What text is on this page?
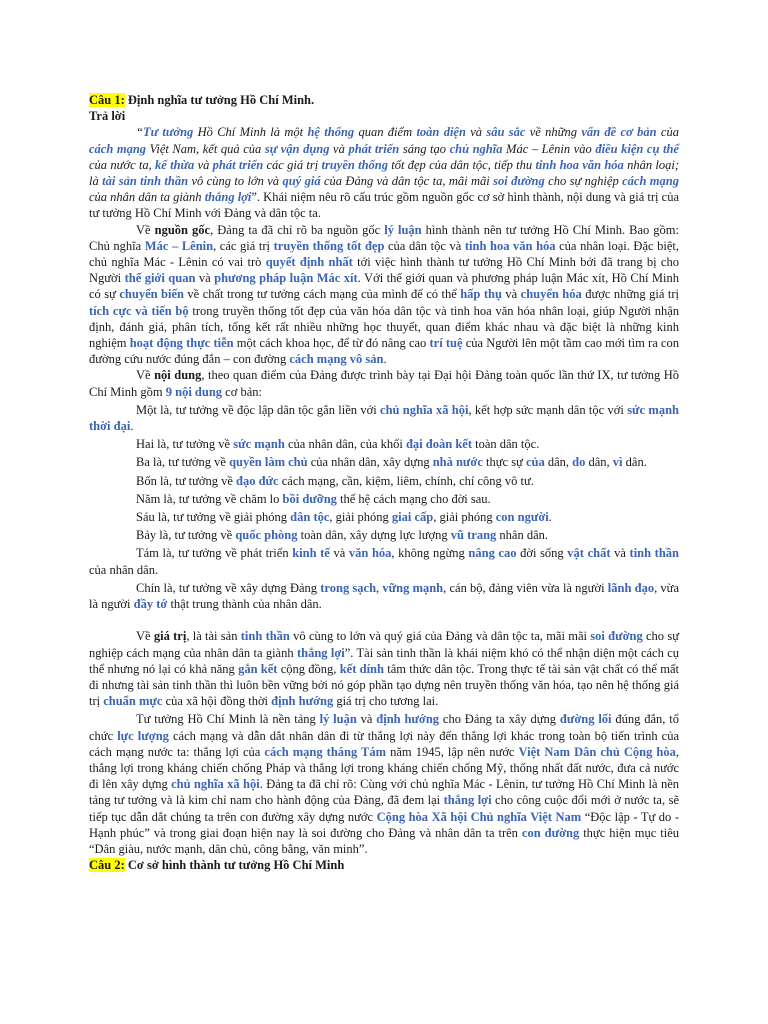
Câu 1: Định nghĩa tư tưởng Hồ Chí Minh.

Trả lời

“Tư tưởng Hồ Chí Minh là một hệ thống quan điểm toàn diện và sâu sắc về những vấn đề cơ bản của cách mạng Việt Nam, kết quả của sự vận dụng và phát triển sáng tạo chủ nghĩa Mác – Lênin vào điều kiện cụ thể của nước ta, kế thừa và phát triển các giá trị truyền thống tốt đẹp của dân tộc, tiếp thu tinh hoa văn hóa nhân loại; là tài sản tinh thần vô cùng to lớn và quý giá của Đảng và dân tộc ta, mãi mãi soi đường cho sự nghiệp cách mạng của nhân dân ta giành thắng lợi”. Khái niệm nêu rõ cấu trúc gồm nguồn gốc cơ sở hình thành, nội dung và giá trị của tư tưởng Hồ Chí Minh với Đảng và dân tộc ta.

Về nguồn gốc, Đảng ta đã chỉ rõ ba nguồn gốc lý luận hình thành nên tư tưởng Hồ Chí Minh. Bao gồm: Chủ nghĩa Mác – Lênin, các giá trị truyền thống tốt đẹp của dân tộc và tinh hoa văn hóa của nhân loại. Đặc biệt, chủ nghĩa Mác - Lênin có vai trò quyết định nhất tới việc hình thành tư tưởng Hồ Chí Minh bởi đã trang bị cho Người thế giới quan và phương pháp luận Mác xít. Với thế giới quan và phương pháp luận Mác xít, Hồ Chí Minh có sự chuyển biến về chất trong tư tưởng cách mạng của mình để có thể hấp thụ và chuyển hóa được những giá trị tích cực và tiến bộ trong truyền thống tốt đẹp của văn hóa dân tộc và tinh hoa văn hóa nhân loại, giúp Người nhận định, đánh giá, phân tích, tổng kết rất nhiều những học thuyết, quan điểm khác nhau và đặc biệt là những kinh nghiệm hoạt động thực tiễn một cách khoa học, để từ đó nâng cao trí tuệ của Người lên một tầm cao mới tìm ra con đường cứu nước đúng đắn – con đường cách mạng vô sản.

Về nội dung, theo quan điểm của Đảng được trình bày tại Đại hội Đảng toàn quốc lần thứ IX, tư tưởng Hồ Chí Minh gồm 9 nội dung cơ bản:

Một là, tư tưởng về độc lập dân tộc gắn liền với chủ nghĩa xã hội, kết hợp sức mạnh dân tộc với sức mạnh thời đại.

Hai là, tư tưởng về sức mạnh của nhân dân, của khối đại đoàn kết toàn dân tộc.

Ba là, tư tưởng về quyền làm chủ của nhân dân, xây dựng nhà nước thực sự của dân, do dân, vì dân.

Bốn là, tư tưởng về đạo đức cách mạng, cần, kiệm, liêm, chính, chí công vô tư.

Năm là, tư tưởng về chăm lo bồi dưỡng thế hệ cách mạng cho đời sau.

Sáu là, tư tưởng về giải phóng dân tộc, giải phóng giai cấp, giải phóng con người.

Bảy là, tư tưởng về quốc phòng toàn dân, xây dựng lực lượng vũ trang nhân dân.

Tám là, tư tưởng về phát triển kinh tế và văn hóa, không ngừng nâng cao đời sống vật chất và tinh thần của nhân dân.

Chín là, tư tưởng về xây dựng Đảng trong sạch, vững mạnh, cán bộ, đảng viên vừa là người lãnh đạo, vừa là người đầy tớ thật trung thành của nhân dân.

Về giá trị, là tài sản tinh thần vô cùng to lớn và quý giá của Đảng và dân tộc ta, mãi mãi soi đường cho sự nghiệp cách mạng của nhân dân ta giành thắng lợi”. Tài sản tinh thần là khái niệm khó có thể nhận diện một cách cụ thể nhưng nó lại có khả năng gắn kết cộng đồng, kết dính tâm thức dân tộc. Trong thực tế tài sản vật chất có thể mất đi nhưng tài sản tinh thần thì luôn bền vững bởi nó góp phần tạo dựng nên truyền thống văn hóa, tạo nên hệ thống giá trị chuẩn mực của xã hội đồng thời định hướng giá trị cho tương lai.

Tư tưởng Hồ Chí Minh là nền tảng lý luận và định hướng cho Đảng ta xây dựng đường lối đúng đắn, tổ chức lực lượng cách mạng và dẫn dắt nhân dân đi từ thắng lợi này đến thắng lợi khác trong toàn bộ tiến trình của cách mạng nước ta: thắng lợi của cách mạng tháng Tám năm 1945, lập nên nước Việt Nam Dân chủ Cộng hòa, thắng lợi trong kháng chiến chống Pháp và thắng lợi trong kháng chiến chống Mỹ, thống nhất đất nước, đưa cả nước đi lên xây dựng chủ nghĩa xã hội. Đảng ta đã chỉ rõ: Cùng với chủ nghĩa Mác - Lênin, tư tưởng Hồ Chí Minh là nền tảng tư tưởng và là kim chỉ nam cho hành động của Đảng, đã đem lại thắng lợi cho công cuộc đổi mới ở nước ta, sẽ tiếp tục dẫn dắt chúng ta trên con đường xây dựng nước Cộng hòa Xã hội Chủ nghĩa Việt Nam “Độc lập - Tự do - Hạnh phúc” và trong giai đoạn hiện nay là soi đường cho Đảng và nhân dân ta trên con đường thực hiện mục tiêu “Dân giàu, nước mạnh, dân chủ, công bằng, văn minh”.

Câu 2: Cơ sở hình thành tư tưởng Hồ Chí Minh
